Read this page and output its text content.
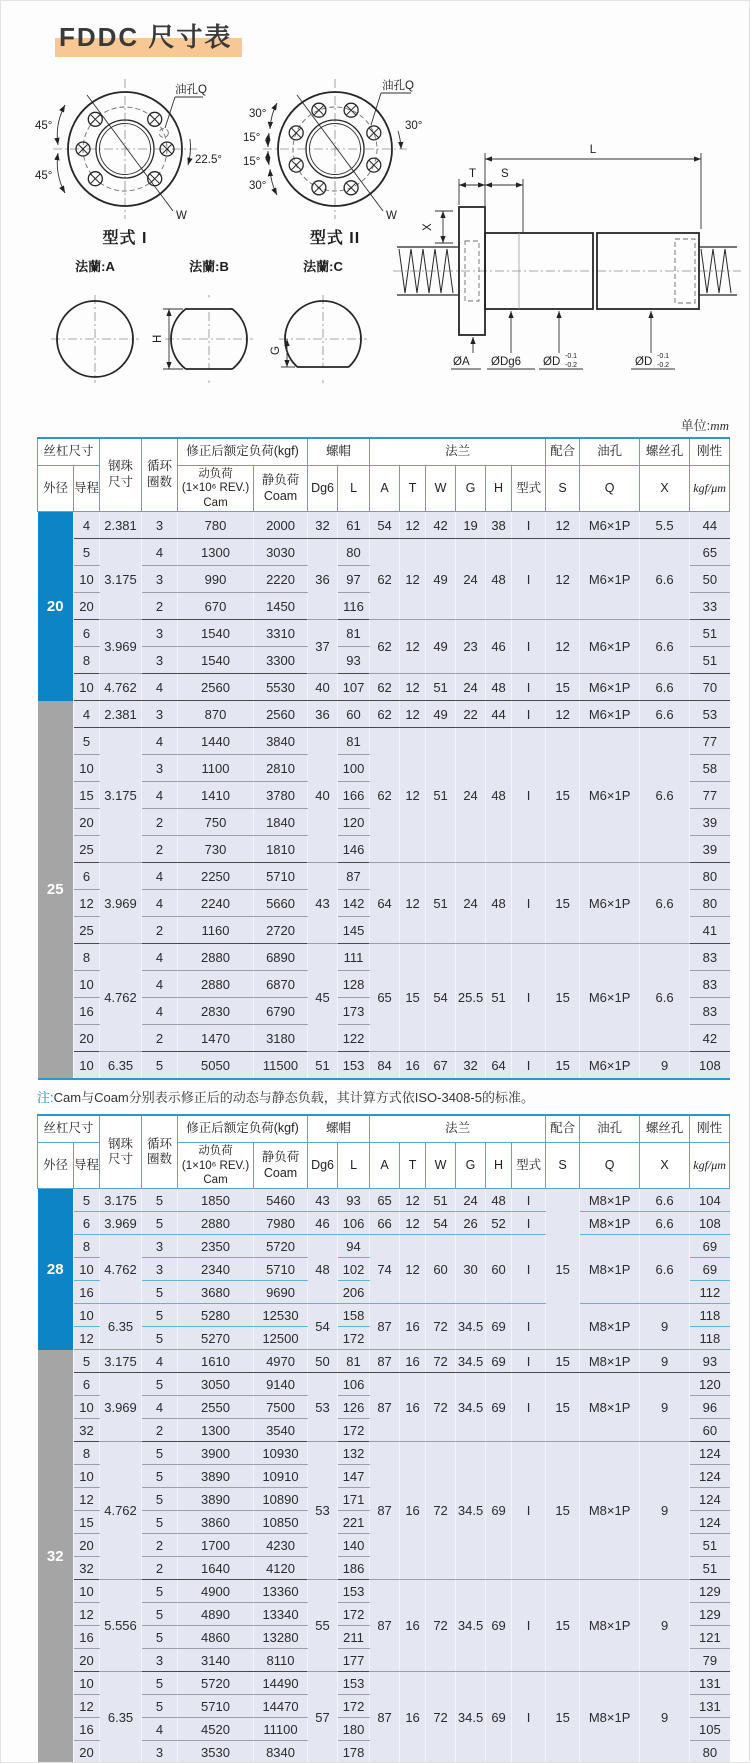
FDDC 尺寸表
45°
45°
22.5°
油孔Q
W
型式 I
30°
15°
15°
30°
30°
油孔Q
W
型式 II
L
T S
X
ØA ØDg6 ØD -0.1
-0.2	ØD -0.1
-0.2
法蘭:A	法蘭:B
H
法蘭:C
G
单位:mm
丝杠尺寸		钢珠
尺寸	循环
圈数	修正后额定负荷(kgf)		螺帽		法兰						配合	油孔	螺丝孔	刚性
外径	导程			动负荷
(1×10⁶ REV.)
Cam	静负荷
Coam	Dg6	L	A	T	W	G	H	型式	S	Q	X	kgf/μm
20	4	2.381	3	780	2000	32	61	54	12	42	19	38	I	12	M6×1P	5.5	44
	5	3.175	4	1300	3030	36	80	62	12	49	24	48	I	12	M6×1P	6.6	65
	10		3	990	2220		97										50
	20		2	670	1450		116										33
	6	3.969	3	1540	3310	37	81	62	12	49	23	46	I	12	M6×1P	6.6	51
	8		3	1540	3300		93										51
	10	4.762	4	2560	5530	40	107	62	12	51	24	48	I	15	M6×1P	6.6	70
25	4	2.381	3	870	2560	36	60	62	12	49	22	44	I	12	M6×1P	6.6	53
	5	3.175	4	1440	3840	40	81	62	12	51	24	48	I	15	M6×1P	6.6	77
	10		3	1100	2810		100										58
	15		4	1410	3780		166										77
	20		2	750	1840		120										39
	25		2	730	1810		146										39
	6	3.969	4	2250	5710	43	87	64	12	51	24	48	I	15	M6×1P	6.6	80
	12		4	2240	5660		142										80
	25		2	1160	2720		145										41
	8	4.762	4	2880	6890	45	111	65	15	54	25.5	51	I	15	M6×1P	6.6	83
	10		4	2880	6870		128										83
	16		4	2830	6790		173										83
	20		2	1470	3180		122										42
	10	6.35	5	5050	11500	51	153	84	16	67	32	64	I	15	M6×1P	9	108
注:Cam与Coam分别表示修正后的动态与静态负载，其计算方式依ISO-3408-5的标准。
丝杠尺寸		钢珠
尺寸	循环
圈数	修正后额定负荷(kgf)		螺帽		法兰						配合	油孔	螺丝孔	刚性
外径	导程			动负荷
(1×10⁶ REV.)
Cam	静负荷
Coam	Dg6	L	A	T	W	G	H	型式	S	Q	X	kgf/μm
28	5	3.175	5	1850	5460	43	93	65	12	51	24	48	I	15	M8×1P	6.6	104
	6	3.969	5	2880	7980	46	106	66	12	54	26	52	I		M8×1P	6.6	108
	8	4.762	3	2350	5720	48	94	74	12	60	30	60	I		M8×1P	6.6	69
	10		3	2340	5710		102										69
	16		5	3680	9690		206										112
	10	6.35	5	5280	12530	54	158	87	16	72	34.5	69	I		M8×1P	9	118
	12		5	5270	12500		172										118
32	5	3.175	4	1610	4970	50	81	87	16	72	34.5	69	I	15	M8×1P	9	93
	6	3.969	5	3050	9140	53	106	87	16	72	34.5	69	I	15	M8×1P	9	120
	10		4	2550	7500		126										96
	32		2	1300	3540		172										60
	8	4.762	5	3900	10930	53	132	87	16	72	34.5	69	I	15	M8×1P	9	124
	10		5	3890	10910		147										124
	12		5	3890	10890		171										124
	15		5	3860	10850		221										124
	20		2	1700	4230		140										51
	32		2	1640	4120		186										51
	10	5.556	5	4900	13360	55	153	87	16	72	34.5	69	I	15	M8×1P	9	129
	12		5	4890	13340		172										129
	16		5	4860	13280		211										121
	20		3	3140	8110		177										79
	10	6.35	5	5720	14490	57	153	87	16	72	34.5	69	I	15	M8×1P	9	131
	12		5	5710	14470		172										131
	16		4	4520	11100		180										105
	20		3	3530	8340		178										80
